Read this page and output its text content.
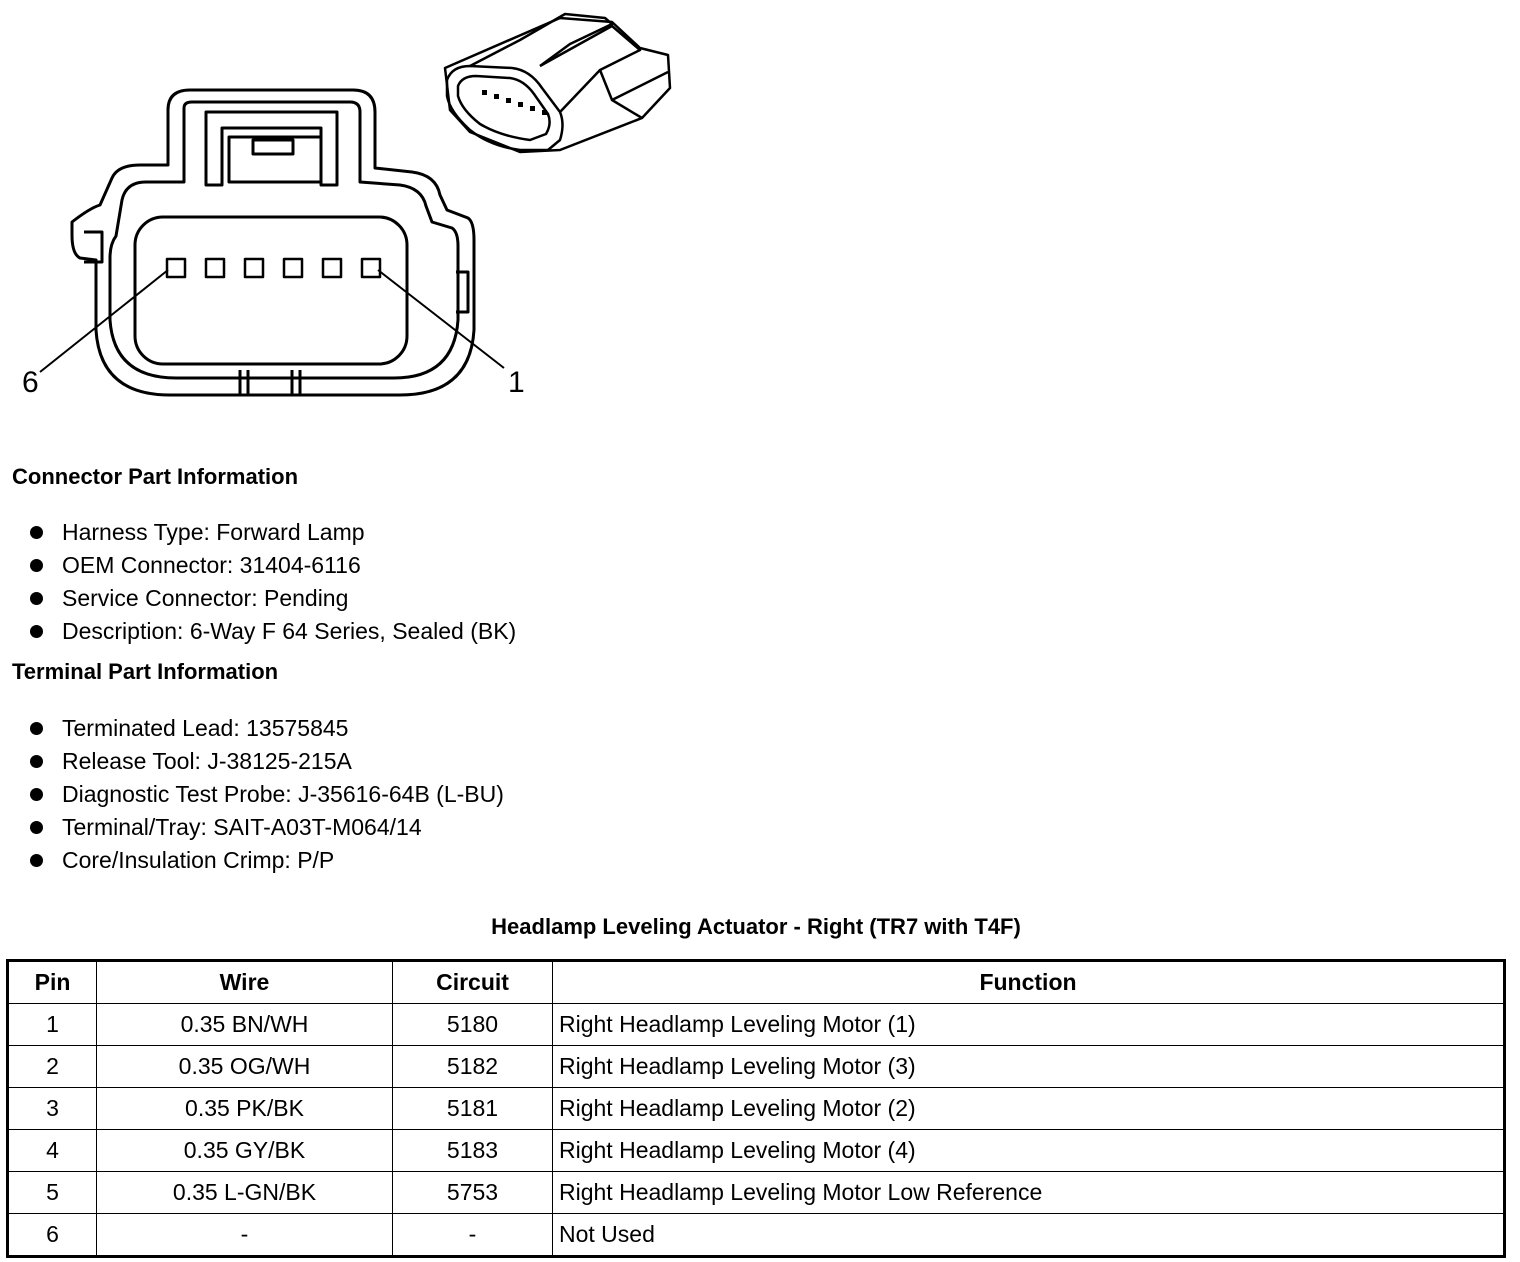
6	1
Connector Part Information
Harness Type: Forward Lamp
OEM Connector: 31404-6116
Service Connector: Pending
Description: 6-Way F 64 Series, Sealed (BK)
Terminal Part Information
Terminated Lead: 13575845
Release Tool: J-38125-215A
Diagnostic Test Probe: J-35616-64B (L-BU)
Terminal/Tray: SAIT-A03T-M064/14
Core/Insulation Crimp: P/P
Headlamp Leveling Actuator - Right (TR7 with T4F)
Pin	Wire	Circuit	Function
1	0.35 BN/WH	5180	Right Headlamp Leveling Motor (1)
2	0.35 OG/WH	5182	Right Headlamp Leveling Motor (3)
3	0.35 PK/BK	5181	Right Headlamp Leveling Motor (2)
4	0.35 GY/BK	5183	Right Headlamp Leveling Motor (4)
5	0.35 L-GN/BK	5753	Right Headlamp Leveling Motor Low Reference
6	-	-	Not Used
